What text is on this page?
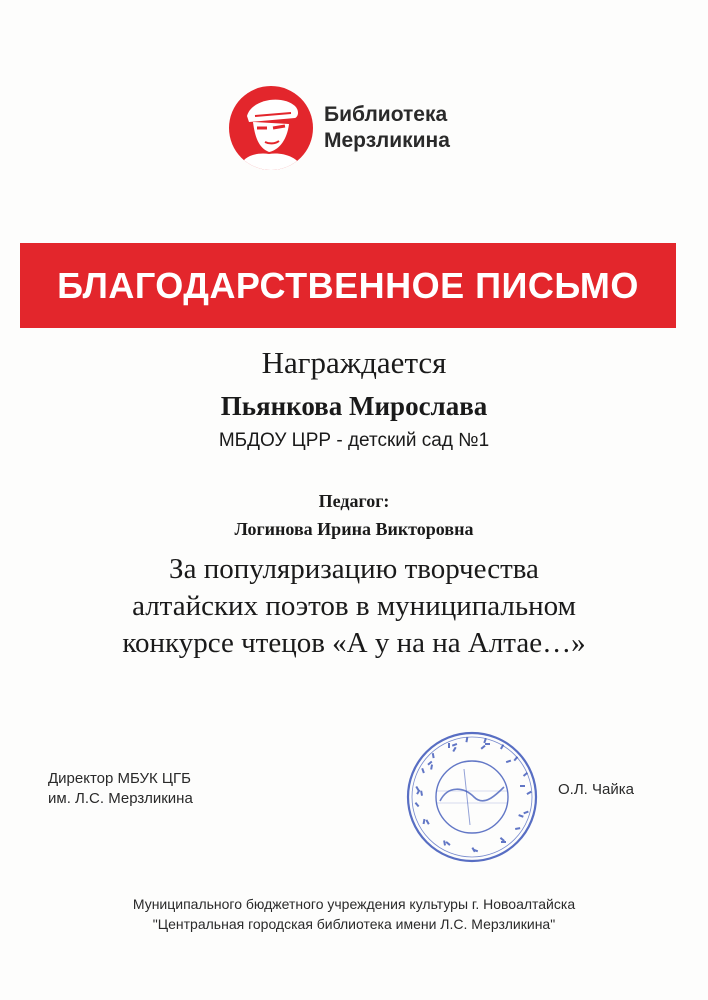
Библиотека
Мерзликина
БЛАГОДАРСТВЕННОЕ ПИСЬМО
Награждается
Пьянкова Мирослава
МБДОУ ЦРР - детский сад №1
Педагог:
Логинова Ирина Викторовна
За популяризацию творчества
алтайских поэтов в муниципальном
конкурсе чтецов «А у на на Алтае…»
Директор МБУК ЦГБ
им. Л.С. Мерзликина
О.Л. Чайка
Муниципального бюджетного учреждения культуры г. Новоалтайска
"Центральная городская библиотека имени Л.С. Мерзликина"
